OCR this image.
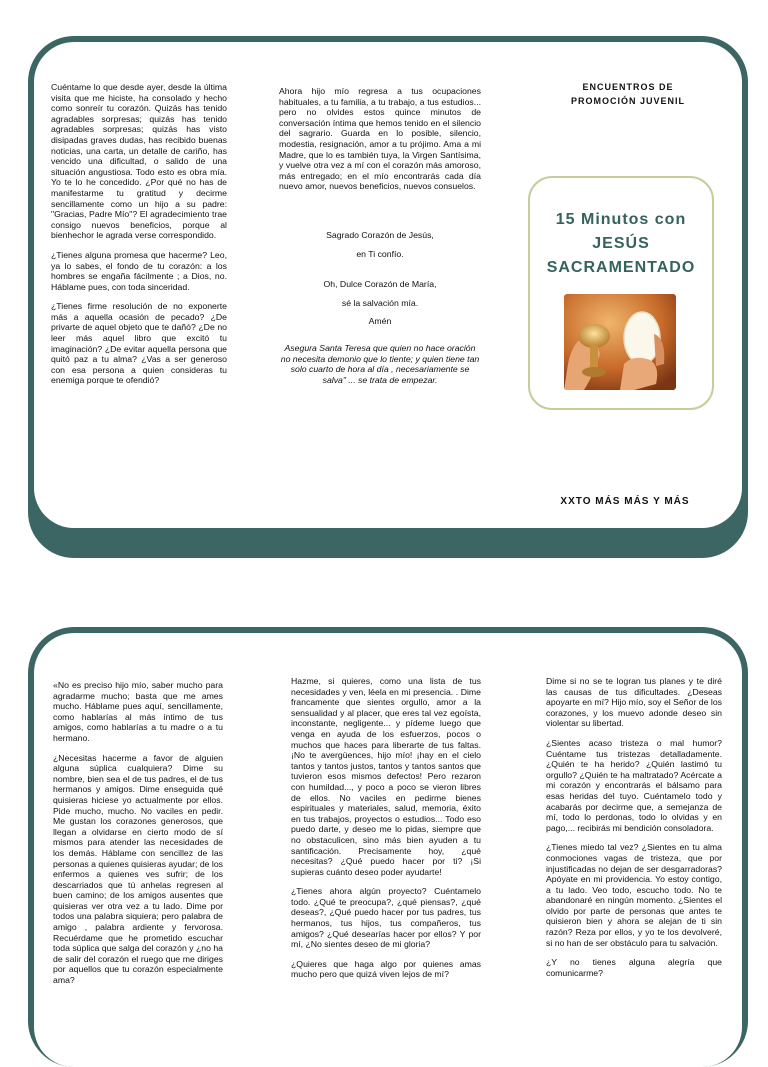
Cuéntame lo que desde ayer, desde la última visita que me hiciste, ha consolado y hecho como sonreír tu corazón. Quizás has tenido agradables sorpresas; quizás has tenido agradables sorpresas; quizás has visto disipadas graves dudas, has recibido buenas noticias, una carta, un detalle de cariño, has vencido una dificultad, o salido de una situación angustiosa. Todo esto es obra mía. Yo te lo he concedido. ¿Por qué no has de manifestarme tu gratitud y decirme sencillamente como un hijo a su padre: "Gracias, Padre Mío"? El agradecimiento trae consigo nuevos beneficios, porque al bienhechor le agrada verse correspondido.

¿Tienes alguna promesa que hacerme? Leo, ya lo sabes, el fondo de tu corazón: a los hombres se engaña fácilmente ; a Dios, no. Háblame pues, con toda sinceridad.

¿Tienes firme resolución de no exponerte más a aquella ocasión de pecado? ¿De privarte de aquel objeto que te dañó? ¿De no leer más aquel libro que excitó tu imaginación? ¿De evitar aquella persona que quitó paz a tu alma? ¿Vas a ser generoso con esa persona a quien consideras tu enemiga porque te ofendió?

Ahora hijo mío regresa a tus ocupaciones habituales, a tu familia, a tu trabajo, a tus estudios... pero no olvides estos quince minutos de conversación íntima que hemos tenido en el silencio del sagrario. Guarda en lo posible, silencio, modestia, resignación, amor a tu prójimo. Ama a mi Madre, que lo es también tuya, la Virgen Santísima, y vuelve otra vez a mí con el corazón más amoroso, más entregado; en el mío encontrarás cada día nuevo amor, nuevos beneficios, nuevos consuelos.

Sagrado Corazón de Jesús,

en Ti confío.

Oh, Dulce Corazón de María,

sé la salvación mía.

Amén

Asegura Santa Teresa que quien no hace oración no necesita demonio que lo tiente; y quien tiene tan solo cuarto de hora al día , necesariamente se salva" ... se trata de empezar.
ENCUENTROS DE
PROMOCIÓN JUVENIL
15 Minutos con
JESÚS
SACRAMENTADO
XXTO MÁS MÁS Y MÁS

«No es preciso hijo mío, saber mucho para agradarme mucho; basta que me ames mucho. Háblame pues aquí, sencillamente, como hablarías al más íntimo de tus amigos, como hablarías a tu madre o a tu hermano.

¿Necesitas hacerme a favor de alguien alguna súplica cualquiera? Dime su nombre, bien sea el de tus padres, el de tus hermanos y amigos. Dime enseguida qué quisieras hiciese yo actualmente por ellos. Pide mucho, mucho. No vaciles en pedir. Me gustan los corazones generosos, que llegan a olvidarse en cierto modo de sí mismos para atender las necesidades de los demás. Háblame con sencillez de las personas a quienes quisieras ayudar; de los enfermos a quienes ves sufrir; de los descarriados que tú anhelas regresen al buen camino; de los amigos ausentes que quisieras ver otra vez a tu lado. Dime por todos una palabra siquiera; pero palabra de amigo , palabra ardiente y fervorosa. Recuérdame que he prometido escuchar toda súplica que salga del corazón y ¿no ha de salir del corazón el ruego que me diriges por aquellos que tu corazón especialmente ama?

Hazme, si quieres, como una lista de tus necesidades y ven, léela en mi presencia. . Dime francamente que sientes orgullo, amor a la sensualidad y al placer, que eres tal vez egoísta, inconstante, negligente... y pídeme luego que venga en ayuda de los esfuerzos, pocos o muchos que haces para liberarte de tus faltas. ¡No te avergüences, hijo mío! ¡hay en el cielo tantos y tantos justos, tantos y tantos santos que tuvieron esos mismos defectos! Pero rezaron con humildad..., y poco a poco se vieron libres de ellos. No vaciles en pedirme bienes espirituales y materiales, salud, memoria, éxito en tus trabajos, proyectos o estudios... Todo eso puedo darte, y deseo me lo pidas, siempre que no obstaculicen, sino más bien ayuden a tu santificación. Precisamente hoy, ¿qué necesitas? ¿Qué puedo hacer por ti? ¡Si supieras cuánto deseo poder ayudarte!

¿Tienes ahora algún proyecto? Cuéntamelo todo. ¿Qué te preocupa?, ¿qué piensas?, ¿qué deseas?, ¿Qué puedo hacer por tus padres, tus hermanos, tus hijos, tus compañeros, tus amigos? ¿Qué desearías hacer por ellos? Y por mí, ¿No sientes deseo de mi gloria?

¿Quieres que haga algo por quienes amas mucho pero que quizá viven lejos de mí?

Dime si no se te logran tus planes y te diré las causas de tus dificultades. ¿Deseas apoyarte en mí? Hijo mío, soy el Señor de los corazones, y los muevo adonde deseo sin violentar su libertad.

¿Sientes acaso tristeza o mal humor? Cuéntame tus tristezas detalladamente. ¿Quién te ha herido? ¿Quién lastimó tu orgullo? ¿Quién te ha maltratado? Acércate a mi corazón y encontrarás el bálsamo para esas heridas del tuyo. Cuéntamelo todo y acabarás por decirme que, a semejanza de mí, todo lo perdonas, todo lo olvidas y en pago,... recibirás mi bendición consoladora.

¿Tienes miedo tal vez? ¿Sientes en tu alma conmociones vagas de tristeza, que por injustificadas no dejan de ser desgarradoras? Apóyate en mi providencia. Yo estoy contigo, a tu lado. Veo todo, escucho todo. No te abandonaré en ningún momento. ¿Sientes el olvido por parte de personas que antes te quisieron bien y ahora se alejan de ti sin razón? Reza por ellos, y yo te los devolveré, si no han de ser obstáculo para tu salvación.

¿Y no tienes alguna alegría que comunicarme?
